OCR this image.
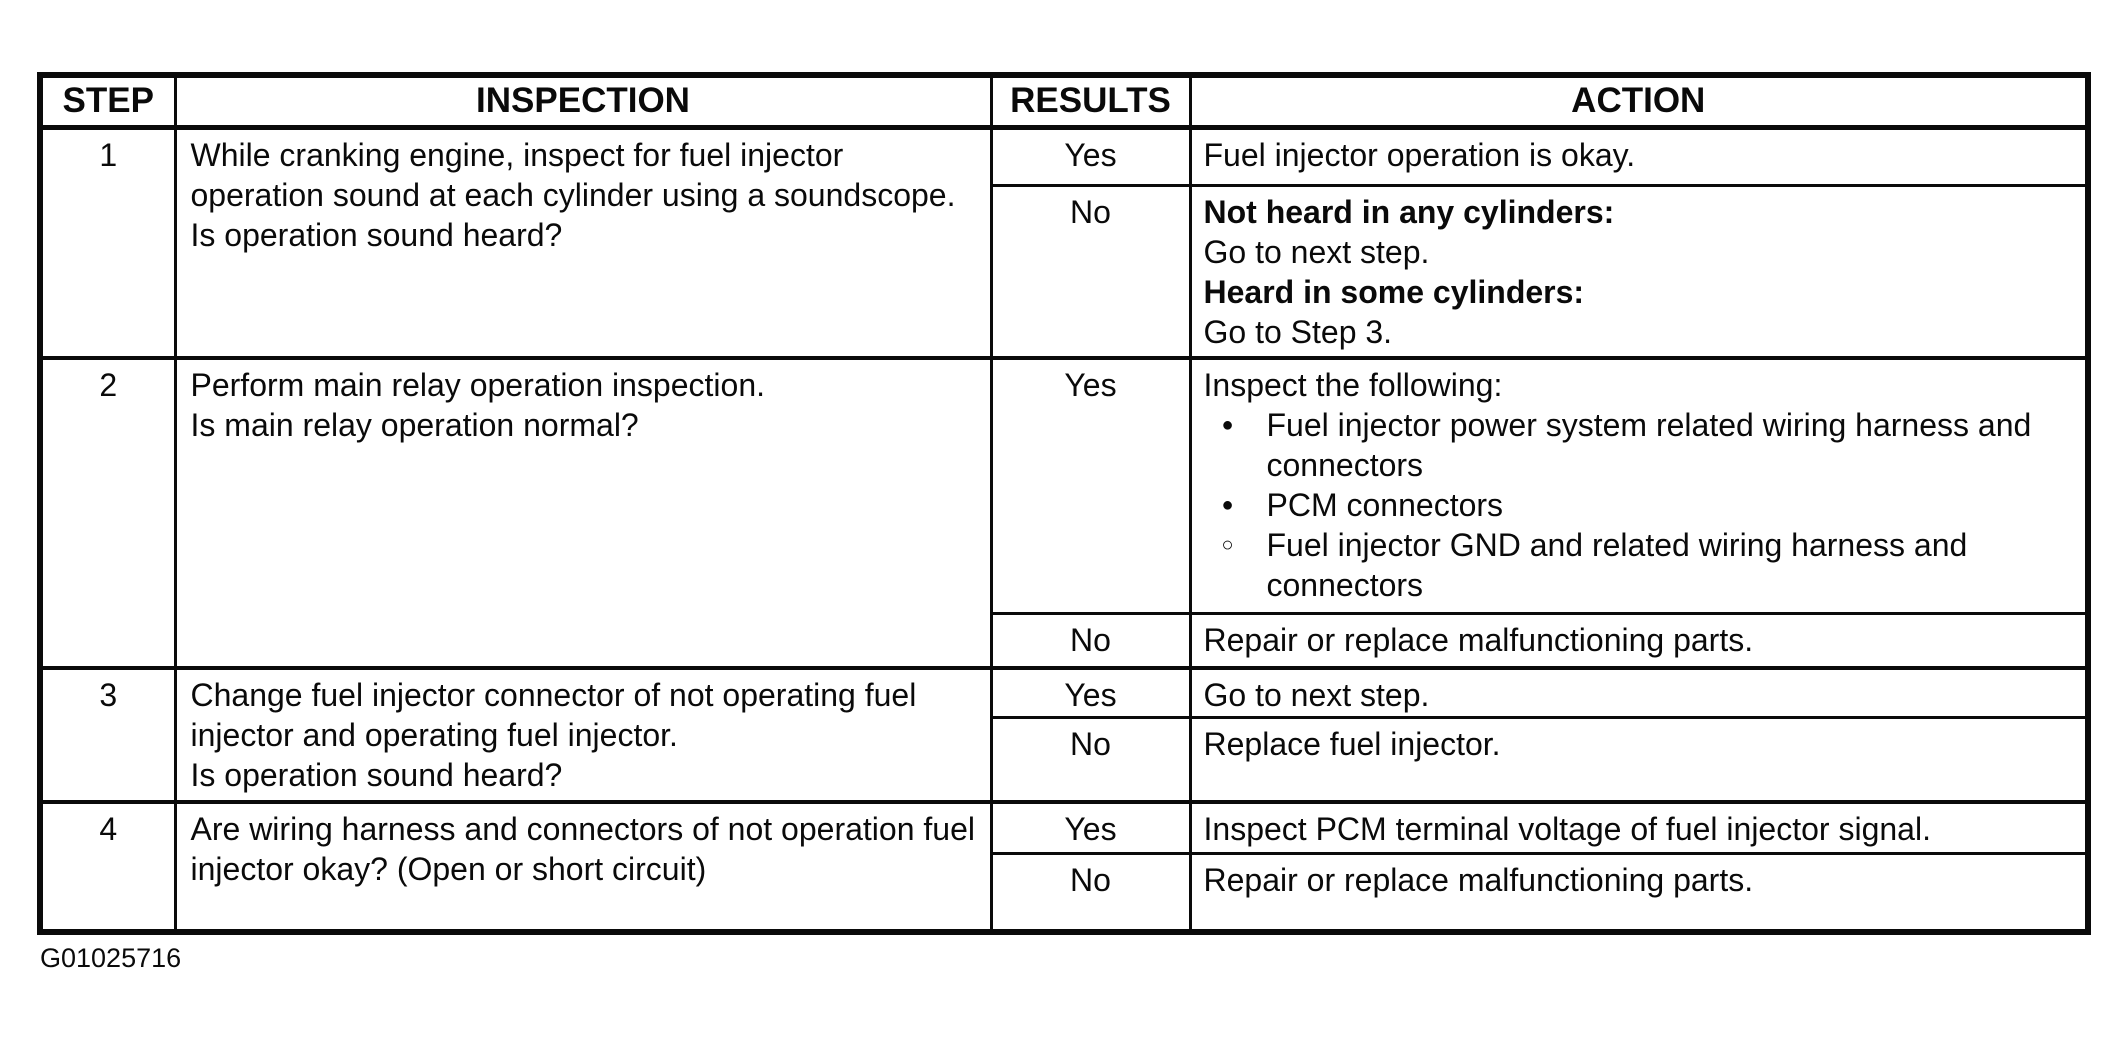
STEP	INSPECTION	RESULTS	ACTION
1	While cranking engine, inspect for fuel injector operation sound at each cylinder using a soundscope.
Is operation sound heard?	Yes	Fuel injector operation is okay.

		No	Not heard in any cylinders:
Go to next step.
Heard in some cylinders:
Go to Step 3.

2	Perform main relay operation inspection.
Is main relay operation normal?
	Yes	Inspect the following:
●	Fuel injector power system related wiring harness and connectors
●	PCM connectors
○	Fuel injector GND and related wiring harness and connectors

		No	Repair or replace malfunctioning parts.

3	Change fuel injector connector of not operating fuel injector and operating fuel injector.
Is operation sound heard?	Yes	Go to next step.

		No	Replace fuel injector.

4	Are wiring harness and connectors of not operation fuel injector okay? (Open or short circuit)	Yes	Inspect PCM terminal voltage of fuel injector signal.

		No	Repair or replace malfunctioning parts.
G01025716
